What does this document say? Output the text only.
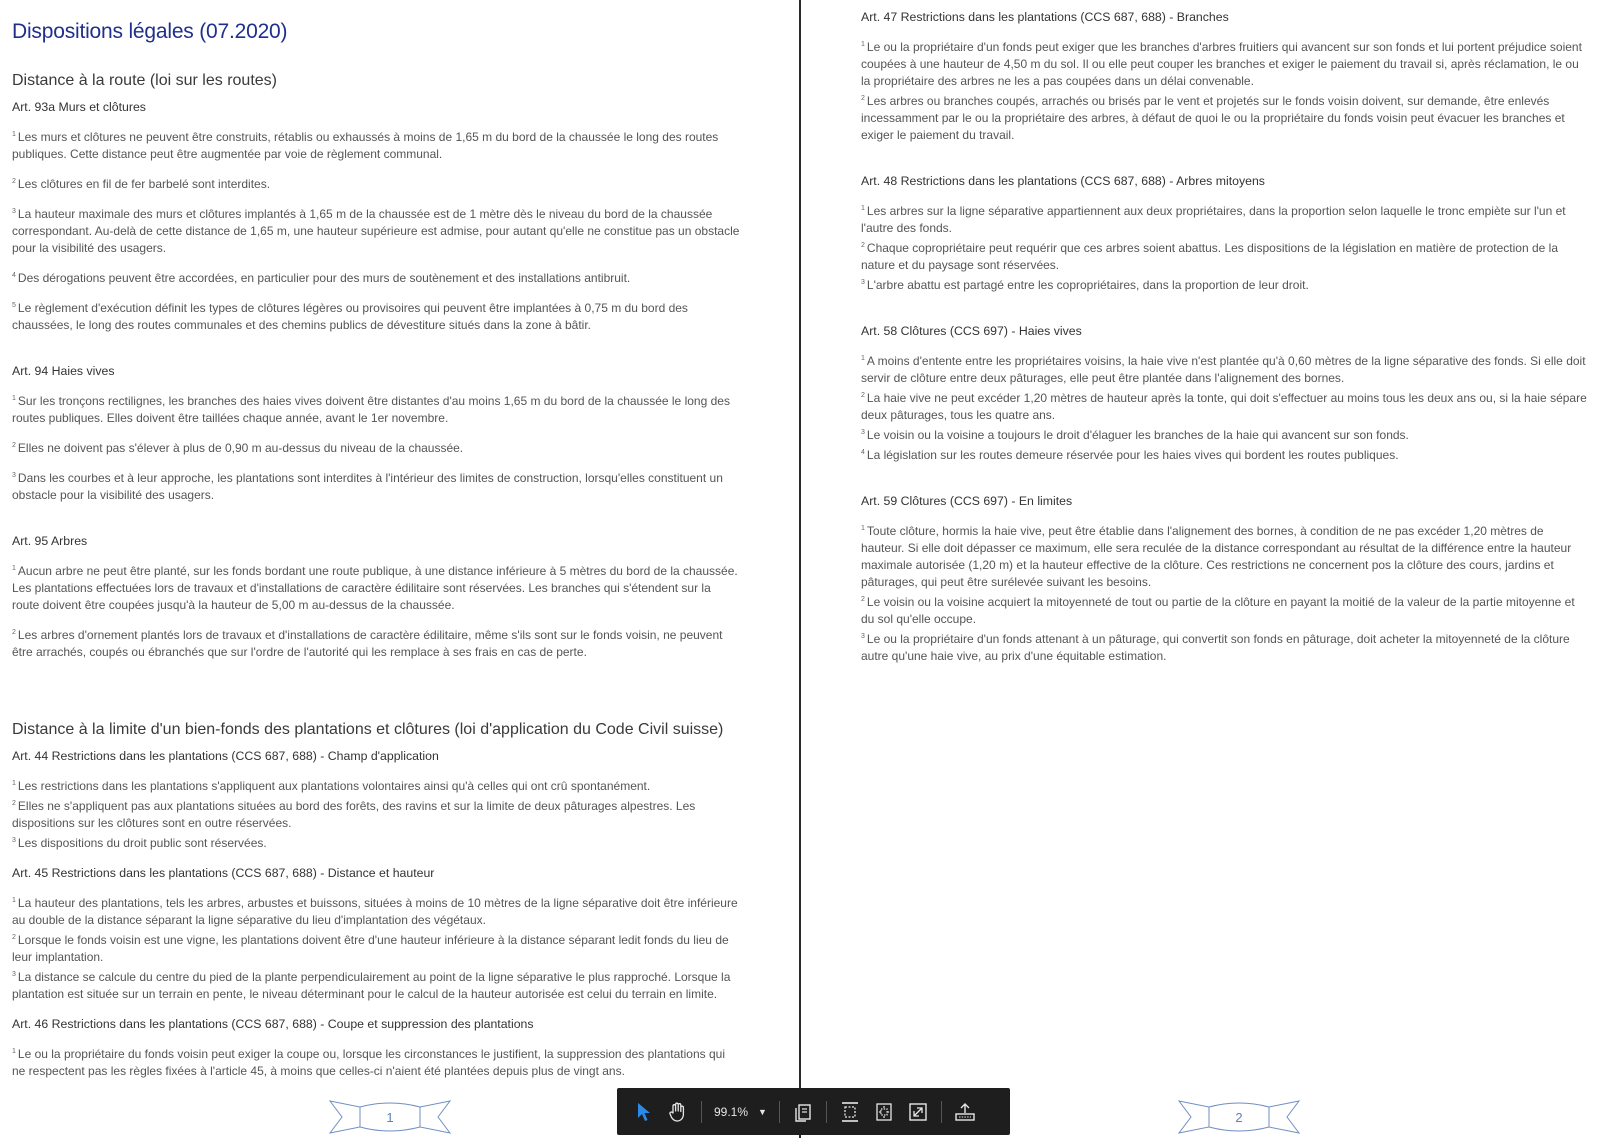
Dispositions légales (07.2020)
Distance à la route (loi sur les routes)
Art. 93a Murs et clôtures

$^1$ Les murs et clôtures ne peuvent être construits, rétablis ou exhaussés à moins de 1,65 m du bord de la chaussée le long des routes publiques. Cette distance peut être augmentée par voie de règlement communal.

$^2$ Les clôtures en fil de fer barbelé sont interdites.

$^3$ La hauteur maximale des murs et clôtures implantés à 1,65 m de la chaussée est de 1 mètre dès le niveau du bord de la chaussée correspondant. Au-delà de cette distance de 1,65 m, une hauteur supérieure est admise, pour autant qu'elle ne constitue pas un obstacle pour la visibilité des usagers.

$^4$ Des dérogations peuvent être accordées, en particulier pour des murs de soutènement et des installations antibruit.

$^5$ Le règlement d'exécution définit les types de clôtures légères ou provisoires qui peuvent être implantées à 0,75 m du bord des chaussées, le long des routes communales et des chemins publics de dévestiture situés dans la zone à bâtir.

Art. 94 Haies vives

$^1$ Sur les tronçons rectilignes, les branches des haies vives doivent être distantes d'au moins 1,65 m du bord de la chaussée le long des routes publiques. Elles doivent être taillées chaque année, avant le 1er novembre.

$^2$ Elles ne doivent pas s'élever à plus de 0,90 m au-dessus du niveau de la chaussée.

$^3$ Dans les courbes et à leur approche, les plantations sont interdites à l'intérieur des limites de construction, lorsqu'elles constituent un obstacle pour la visibilité des usagers.

Art. 95 Arbres

$^1$ Aucun arbre ne peut être planté, sur les fonds bordant une route publique, à une distance inférieure à 5 mètres du bord de la chaussée. Les plantations effectuées lors de travaux et d'installations de caractère édilitaire sont réservées. Les branches qui s'étendent sur la route doivent être coupées jusqu'à la hauteur de 5,00 m au-dessus de la chaussée.

$^2$ Les arbres d'ornement plantés lors de travaux et d'installations de caractère édilitaire, même s'ils sont sur le fonds voisin, ne peuvent être arrachés, coupés ou ébranchés que sur l'ordre de l'autorité qui les remplace à ses frais en cas de perte.

Distance à la limite d'un bien-fonds des plantations et clôtures (loi d'application du Code Civil suisse)
Art. 44 Restrictions dans les plantations (CCS 687, 688) - Champ d'application

$^1$ Les restrictions dans les plantations s'appliquent aux plantations volontaires ainsi qu'à celles qui ont crû spontanément.

$^2$ Elles ne s'appliquent pas aux plantations situées au bord des forêts, des ravins et sur la limite de deux pâturages alpestres. Les dispositions sur les clôtures sont en outre réservées.

$^3$ Les dispositions du droit public sont réservées.

Art. 45 Restrictions dans les plantations (CCS 687, 688) - Distance et hauteur

$^1$ La hauteur des plantations, tels les arbres, arbustes et buissons, situées à moins de 10 mètres de la ligne séparative doit être inférieure au double de la distance séparant la ligne séparative du lieu d'implantation des végétaux.

$^2$ Lorsque le fonds voisin est une vigne, les plantations doivent être d'une hauteur inférieure à la distance séparant ledit fonds du lieu de leur implantation.

$^3$ La distance se calcule du centre du pied de la plante perpendiculairement au point de la ligne séparative le plus rapproché. Lorsque la plantation est située sur un terrain en pente, le niveau déterminant pour le calcul de la hauteur autorisée est celui du terrain en limite.

Art. 46 Restrictions dans les plantations (CCS 687, 688) - Coupe et suppression des plantations

$^1$ Le ou la propriétaire du fonds voisin peut exiger la coupe ou, lorsque les circonstances le justifient, la suppression des plantations qui ne respectent pas les règles fixées à l'article 45, à moins que celles-ci n'aient été plantées depuis plus de vingt ans.

Art. 47 Restrictions dans les plantations (CCS 687, 688) - Branches

$^1$ Le ou la propriétaire d'un fonds peut exiger que les branches d'arbres fruitiers qui avancent sur son fonds et lui portent préjudice soient coupées à une hauteur de 4,50 m du sol. Il ou elle peut couper les branches et exiger le paiement du travail si, après réclamation, le ou la propriétaire des arbres ne les a pas coupées dans un délai convenable.

$^2$ Les arbres ou branches coupés, arrachés ou brisés par le vent et projetés sur le fonds voisin doivent, sur demande, être enlevés incessamment par le ou la propriétaire des arbres, à défaut de quoi le ou la propriétaire du fonds voisin peut évacuer les branches et exiger le paiement du travail.

Art. 48 Restrictions dans les plantations (CCS 687, 688) - Arbres mitoyens

$^1$ Les arbres sur la ligne séparative appartiennent aux deux propriétaires, dans la proportion selon laquelle le tronc empiète sur l'un et l'autre des fonds.

$^2$ Chaque copropriétaire peut requérir que ces arbres soient abattus. Les dispositions de la législation en matière de protection de la nature et du paysage sont réservées.

$^3$ L'arbre abattu est partagé entre les copropriétaires, dans la proportion de leur droit.

Art. 58 Clôtures (CCS 697) - Haies vives

$^1$ A moins d'entente entre les propriétaires voisins, la haie vive n'est plantée qu'à 0,60 mètres de la ligne séparative des fonds. Si elle doit servir de clôture entre deux pâturages, elle peut être plantée dans l'alignement des bornes.

$^2$ La haie vive ne peut excéder 1,20 mètres de hauteur après la tonte, qui doit s'effectuer au moins tous les deux ans ou, si la haie sépare deux pâturages, tous les quatre ans.

$^3$ Le voisin ou la voisine a toujours le droit d'élaguer les branches de la haie qui avancent sur son fonds.

$^4$ La législation sur les routes demeure réservée pour les haies vives qui bordent les routes publiques.

Art. 59 Clôtures (CCS 697) - En limites

$^1$ Toute clôture, hormis la haie vive, peut être établie dans l'alignement des bornes, à condition de ne pas excéder 1,20 mètres de hauteur. Si elle doit dépasser ce maximum, elle sera reculée de la distance correspondant au résultat de la différence entre la hauteur maximale autorisée (1,20 m) et la hauteur effective de la clôture. Ces restrictions ne concernent pos la clôture des cours, jardins et pâturages, qui peut être surélevée suivant les besoins.

$^2$ Le voisin ou la voisine acquiert la mitoyenneté de tout ou partie de la clôture en payant la moitié de la valeur de la partie mitoyenne et du sol qu'elle occupe.

$^3$ Le ou la propriétaire d'un fonds attenant à un pâturage, qui convertit son fonds en pâturage, doit acheter la mitoyenneté de la clôture autre qu'une haie vive, au prix d'une équitable estimation.

1	2
99.1% ▼
